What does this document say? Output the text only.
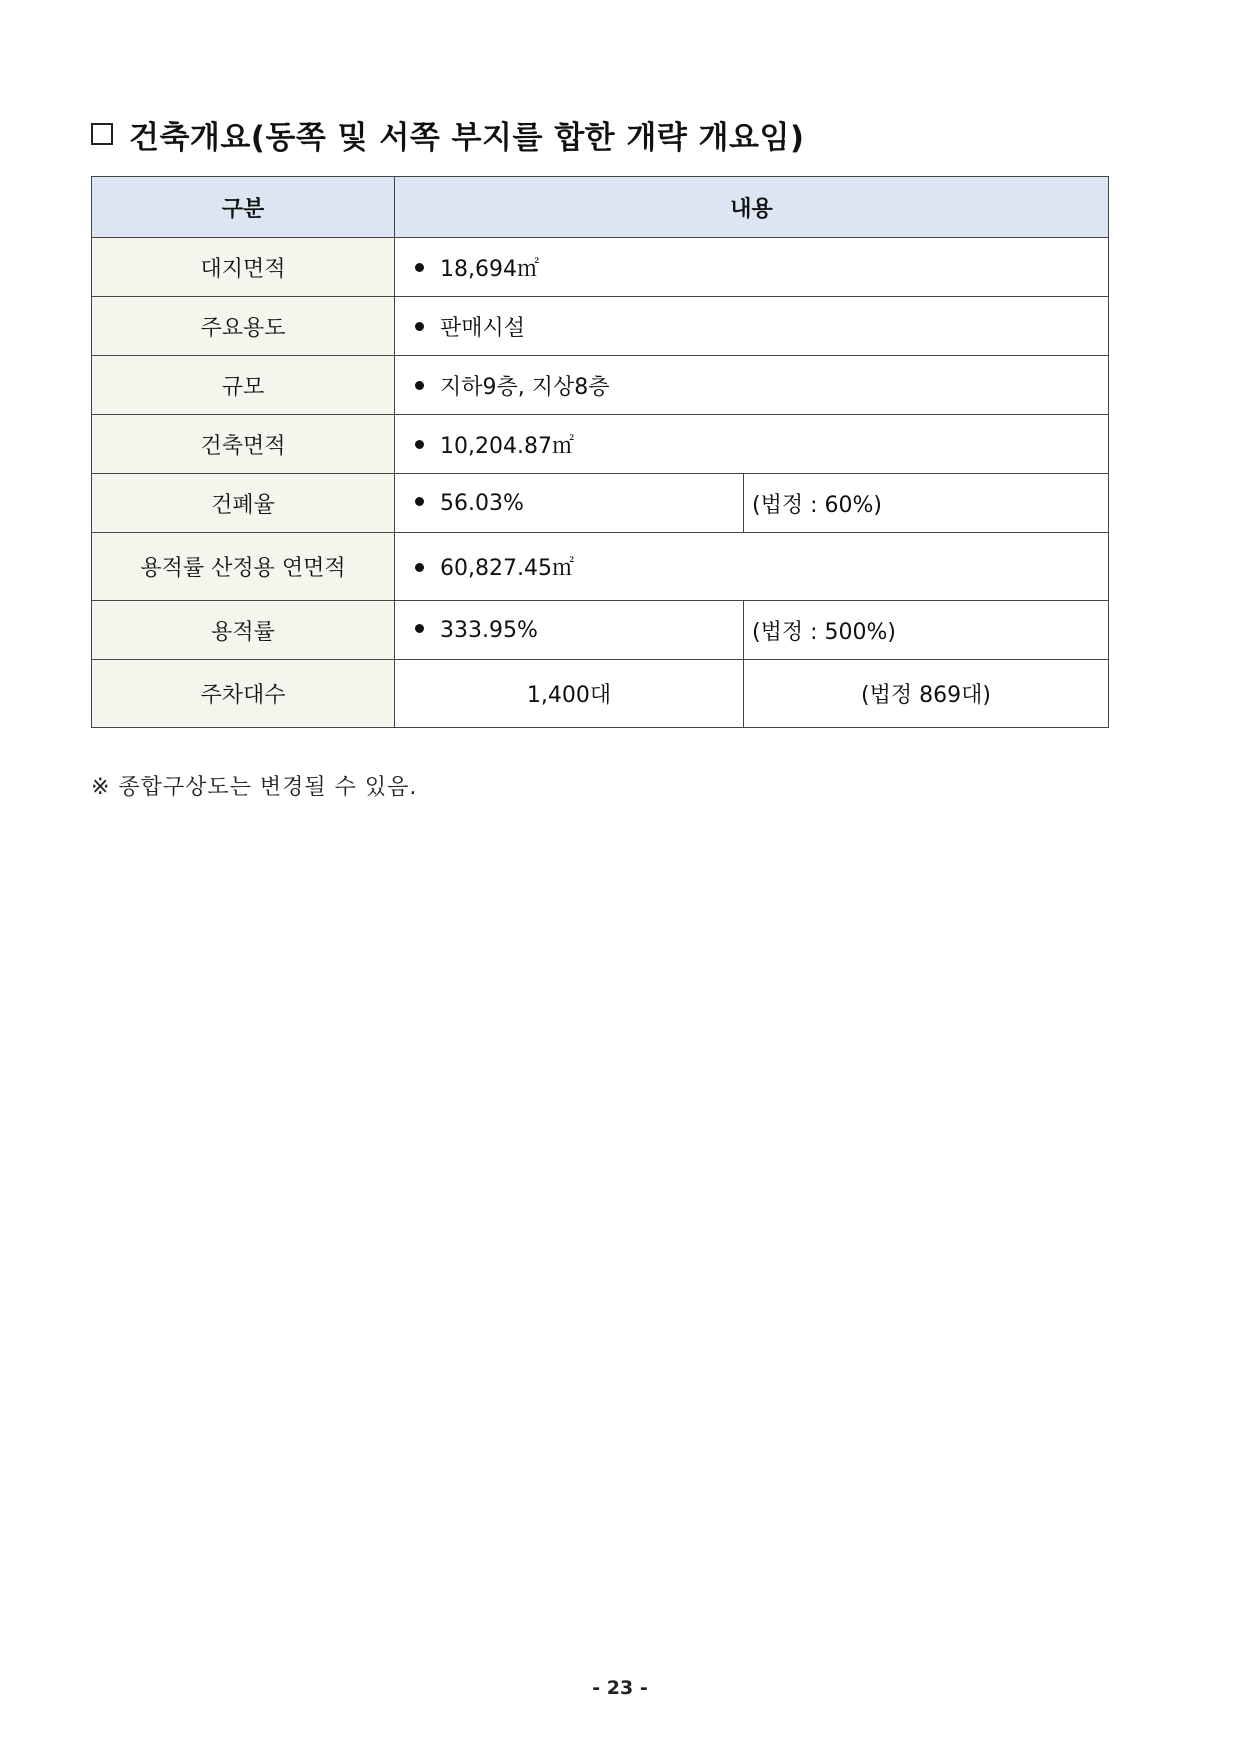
건축개요(동쪽 및 서쪽 부지를 합한 개략 개요임)
구분	내용	
대지면적	18,694㎡	
주요용도	판매시설	
규모	지하9층, 지상8층	
건축면적	10,204.87㎡	
건폐율	56.03%	(법정 : 60%)
용적률 산정용 연면적	60,827.45㎡	
용적률	333.95%	(법정 : 500%)
주차대수	1,400대	(법정 869대)
※ 종합구상도는 변경될 수 있음.
- 23 -
